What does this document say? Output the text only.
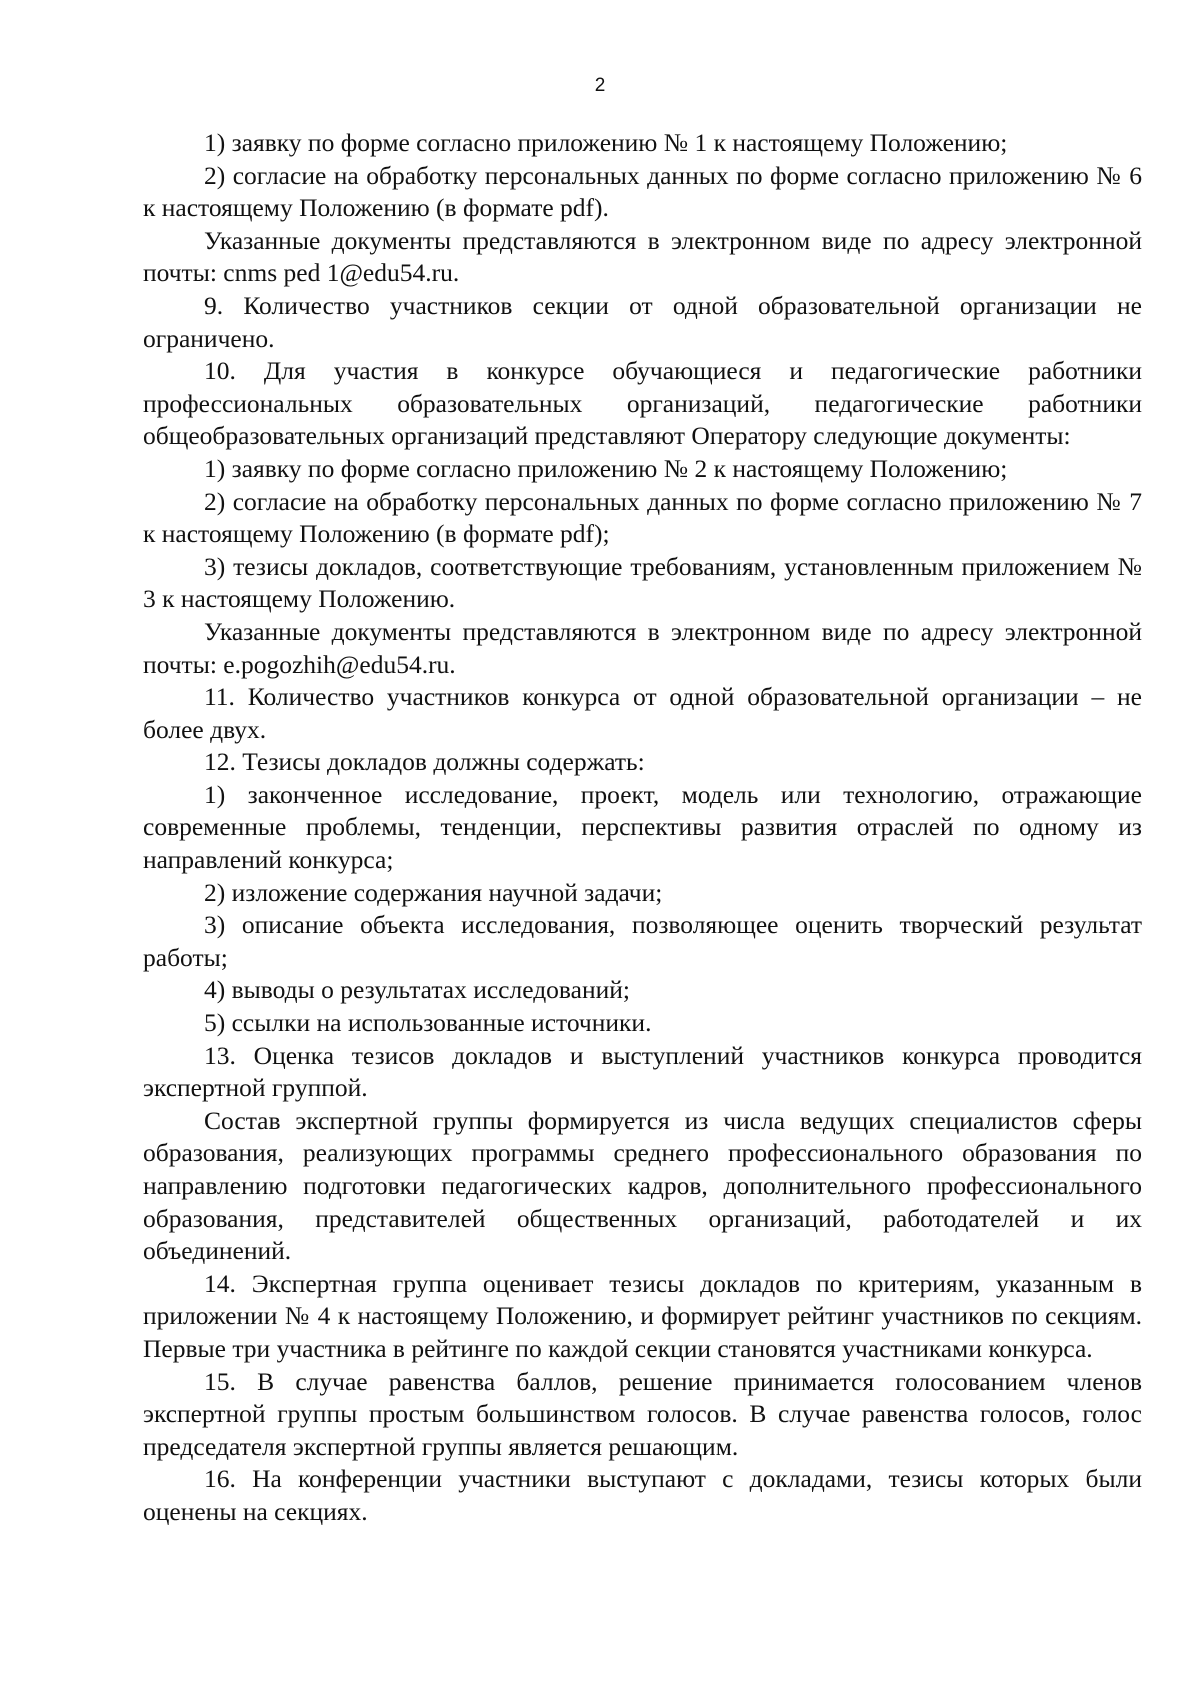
2

1) заявку по форме согласно приложению № 1 к настоящему Положению;

2) согласие на обработку персональных данных по форме согласно приложению № 6 к настоящему Положению (в формате pdf).

Указанные документы представляются в электронном виде по адресу электронной почты: cnms ped 1@edu54.ru.

9. Количество участников секции от одной образовательной организации не ограничено.

10. Для участия в конкурсе обучающиеся и педагогические работники профессиональных образовательных организаций, педагогические работники общеобразовательных организаций представляют Оператору следующие документы:

1) заявку по форме согласно приложению № 2 к настоящему Положению;

2) согласие на обработку персональных данных по форме согласно приложению № 7 к настоящему Положению (в формате pdf);

3) тезисы докладов, соответствующие требованиям, установленным приложением № 3 к настоящему Положению.

Указанные документы представляются в электронном виде по адресу электронной почты: e.pogozhih@edu54.ru.

11. Количество участников конкурса от одной образовательной организации – не более двух.

12. Тезисы докладов должны содержать:

1) законченное исследование, проект, модель или технологию, отражающие современные проблемы, тенденции, перспективы развития отраслей по одному из направлений конкурса;

2) изложение содержания научной задачи;

3) описание объекта исследования, позволяющее оценить творческий результат работы;

4) выводы о результатах исследований;

5) ссылки на использованные источники.

13. Оценка тезисов докладов и выступлений участников конкурса проводится экспертной группой.

Состав экспертной группы формируется из числа ведущих специалистов сферы образования, реализующих программы среднего профессионального образования по направлению подготовки педагогических кадров, дополнительного профессионального образования, представителей общественных организаций, работодателей и их объединений.

14. Экспертная группа оценивает тезисы докладов по критериям, указанным в приложении № 4 к настоящему Положению, и формирует рейтинг участников по секциям. Первые три участника в рейтинге по каждой секции становятся участниками конкурса.

15. В случае равенства баллов, решение принимается голосованием членов экспертной группы простым большинством голосов. В случае равенства голосов, голос председателя экспертной группы является решающим.

16. На конференции участники выступают с докладами, тезисы которых были оценены на секциях.
